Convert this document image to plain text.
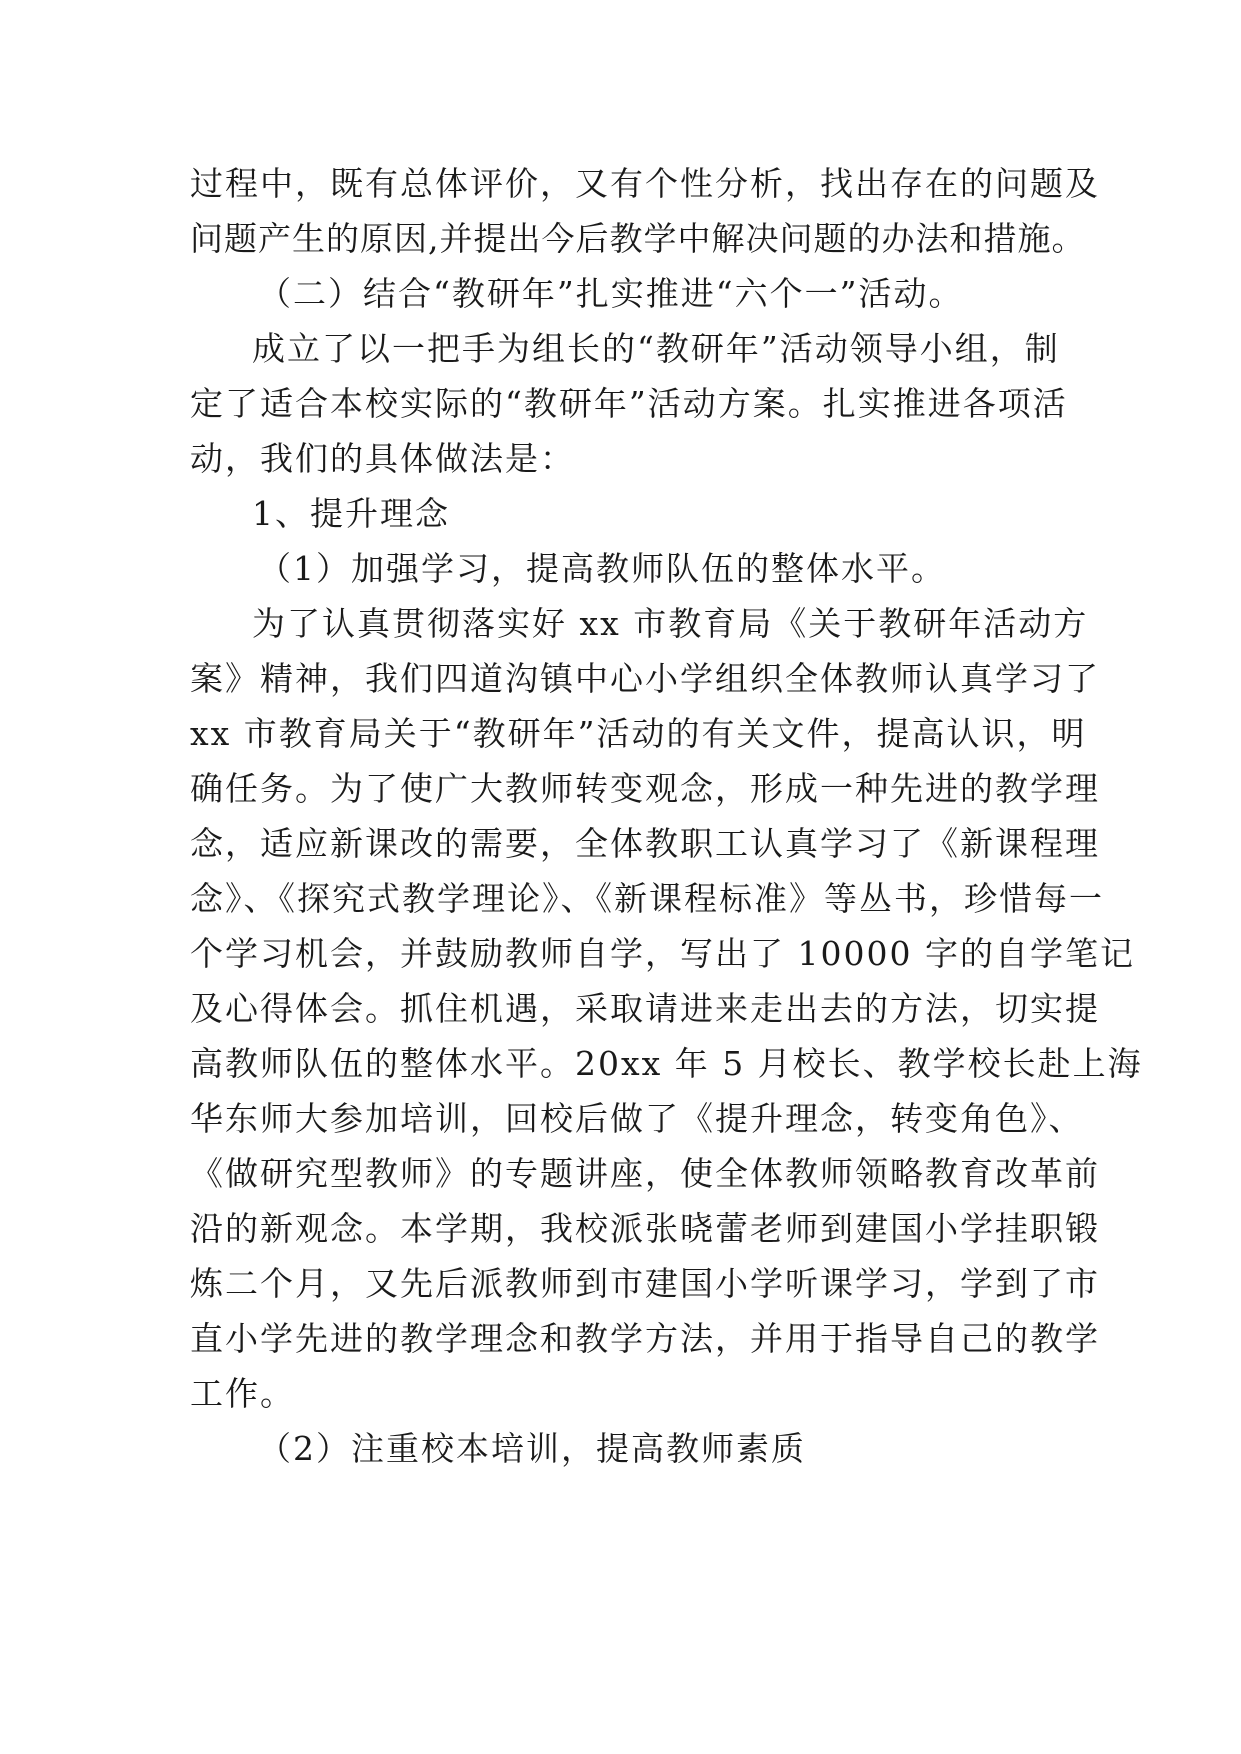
过程中，既有总体评价，又有个性分析，找出存在的问题及
问题产生的原因,并提出今后教学中解决问题的办法和措施。
（二）结合“教研年”扎实推进“六个一”活动。
成立了以一把手为组长的“教研年”活动领导小组，制
定了适合本校实际的“教研年”活动方案。扎实推进各项活
动，我们的具体做法是：
1、提升理念
（1）加强学习，提高教师队伍的整体水平。
为了认真贯彻落实好 xx 市教育局《关于教研年活动方
案》精神，我们四道沟镇中心小学组织全体教师认真学习了
xx 市教育局关于“教研年”活动的有关文件，提高认识，明
确任务。为了使广大教师转变观念，形成一种先进的教学理
念，适应新课改的需要，全体教职工认真学习了《新课程理
念》、《探究式教学理论》、《新课程标准》等丛书，珍惜每一
个学习机会，并鼓励教师自学，写出了 10000 字的自学笔记
及心得体会。抓住机遇，采取请进来走出去的方法，切实提
高教师队伍的整体水平。20xx 年 5 月校长、教学校长赴上海
华东师大参加培训，回校后做了《提升理念，转变角色》、
《做研究型教师》的专题讲座，使全体教师领略教育改革前
沿的新观念。本学期，我校派张晓蕾老师到建国小学挂职锻
炼二个月，又先后派教师到市建国小学听课学习，学到了市
直小学先进的教学理念和教学方法，并用于指导自己的教学
工作。
（2）注重校本培训，提高教师素质
